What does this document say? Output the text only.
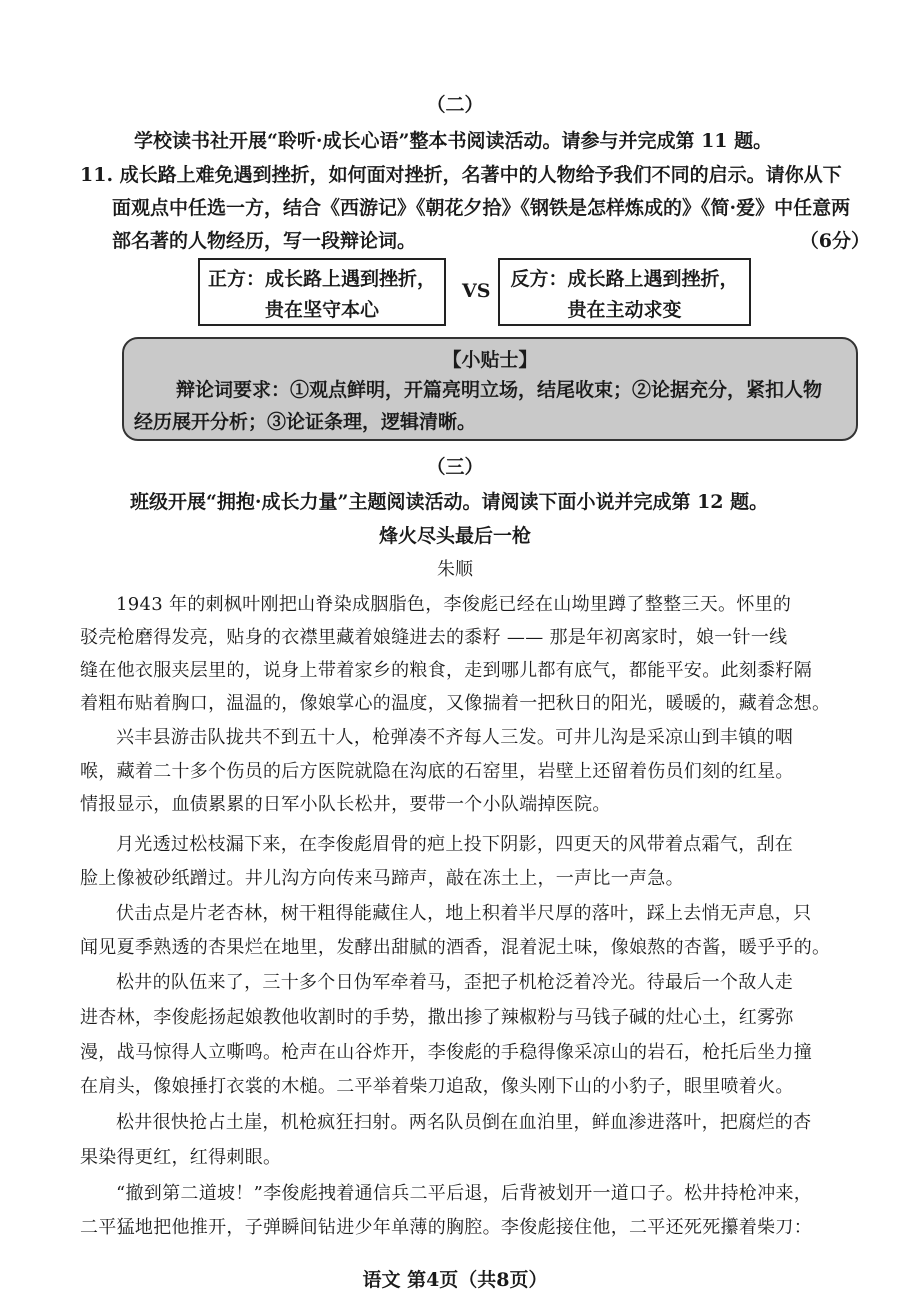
（二）
学校读书社开展“聆听·成长心语”整本书阅读活动。请参与并完成第 11 题。
11. 成长路上难免遇到挫折，如何面对挫折，名著中的人物给予我们不同的启示。请你从下
面观点中任选一方，结合《西游记》《朝花夕拾》《钢铁是怎样炼成的》《简·爱》中任意两
部名著的人物经历，写一段辩论词。	（6分）
正方：成长路上遇到挫折，
贵在坚守本心
VS
反方：成长路上遇到挫折，
贵在主动求变
【小贴士】
辩论词要求：①观点鲜明，开篇亮明立场，结尾收束；②论据充分，紧扣人物
经历展开分析；③论证条理，逻辑清晰。
（三）
班级开展“拥抱·成长力量”主题阅读活动。请阅读下面小说并完成第 12 题。
烽火尽头最后一枪
朱顺
1943 年的刺枫叶刚把山脊染成胭脂色，李俊彪已经在山坳里蹲了整整三天。怀里的
驳壳枪磨得发亮，贴身的衣襟里藏着娘缝进去的黍籽 —— 那是年初离家时，娘一针一线
缝在他衣服夹层里的，说身上带着家乡的粮食，走到哪儿都有底气，都能平安。此刻黍籽隔
着粗布贴着胸口，温温的，像娘掌心的温度，又像揣着一把秋日的阳光，暖暖的，藏着念想。
兴丰县游击队拢共不到五十人，枪弹凑不齐每人三发。可井儿沟是采凉山到丰镇的咽
喉，藏着二十多个伤员的后方医院就隐在沟底的石窑里，岩壁上还留着伤员们刻的红星。
情报显示，血债累累的日军小队长松井，要带一个小队端掉医院。
月光透过松枝漏下来，在李俊彪眉骨的疤上投下阴影，四更天的风带着点霜气，刮在
脸上像被砂纸蹭过。井儿沟方向传来马蹄声，敲在冻土上，一声比一声急。
伏击点是片老杏林，树干粗得能藏住人，地上积着半尺厚的落叶，踩上去悄无声息，只
闻见夏季熟透的杏果烂在地里，发酵出甜腻的酒香，混着泥土味，像娘熬的杏酱，暖乎乎的。
松井的队伍来了，三十多个日伪军牵着马，歪把子机枪泛着冷光。待最后一个敌人走
进杏林，李俊彪扬起娘教他收割时的手势，撒出掺了辣椒粉与马钱子碱的灶心土，红雾弥
漫，战马惊得人立嘶鸣。枪声在山谷炸开，李俊彪的手稳得像采凉山的岩石，枪托后坐力撞
在肩头，像娘捶打衣裳的木槌。二平举着柴刀追敌，像头刚下山的小豹子，眼里喷着火。
松井很快抢占土崖，机枪疯狂扫射。两名队员倒在血泊里，鲜血渗进落叶，把腐烂的杏
果染得更红，红得刺眼。
“撤到第二道坡！”李俊彪拽着通信兵二平后退，后背被划开一道口子。松井持枪冲来，
二平猛地把他推开，子弹瞬间钻进少年单薄的胸腔。李俊彪接住他，二平还死死攥着柴刀：
语文 第4页（共8页）
